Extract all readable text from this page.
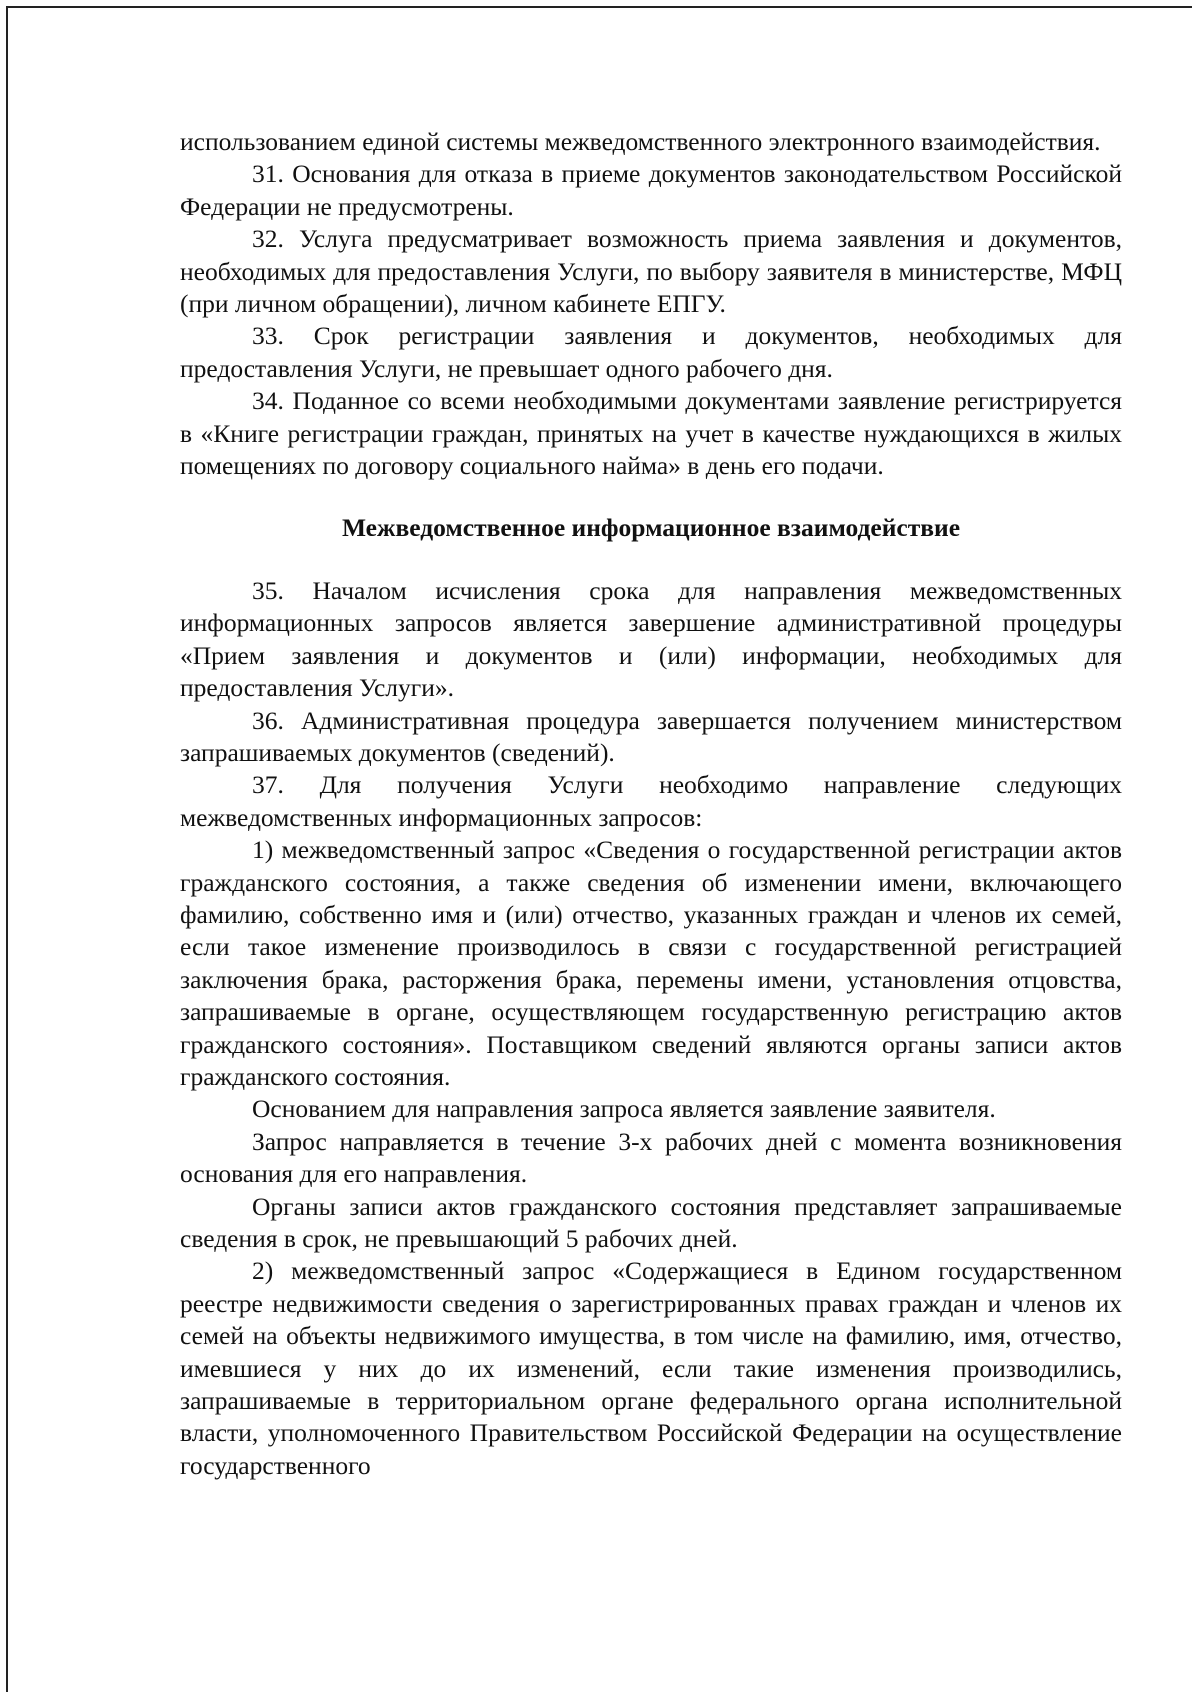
использованием единой системы межведомственного электронного взаимодействия.

31. Основания для отказа в приеме документов законодательством Российской Федерации не предусмотрены.

32. Услуга предусматривает возможность приема заявления и документов, необходимых для предоставления Услуги, по выбору заявителя в министерстве, МФЦ (при личном обращении), личном кабинете ЕПГУ.

33. Срок регистрации заявления и документов, необходимых для предоставления Услуги, не превышает одного рабочего дня.

34. Поданное со всеми необходимыми документами заявление регистрируется в «Книге регистрации граждан, принятых на учет в качестве нуждающихся в жилых помещениях по договору социального найма» в день его подачи.

Межведомственное информационное взаимодействие

35. Началом исчисления срока для направления межведомственных информационных запросов является завершение административной процедуры «Прием заявления и документов и (или) информации, необходимых для предоставления Услуги».

36. Административная процедура завершается получением министерством запрашиваемых документов (сведений).

37. Для получения Услуги необходимо направление следующих межведомственных информационных запросов:

1) межведомственный запрос «Сведения о государственной регистрации актов гражданского состояния, а также сведения об изменении имени, включающего фамилию, собственно имя и (или) отчество, указанных граждан и членов их семей, если такое изменение производилось в связи с государственной регистрацией заключения брака, расторжения брака, перемены имени, установления отцовства, запрашиваемые в органе, осуществляющем государственную регистрацию актов гражданского состояния». Поставщиком сведений являются органы записи актов гражданского состояния.

Основанием для направления запроса является заявление заявителя.

Запрос направляется в течение 3-х рабочих дней с момента возникновения основания для его направления.

Органы записи актов гражданского состояния представляет запрашиваемые сведения в срок, не превышающий 5 рабочих дней.

2) межведомственный запрос «Содержащиеся в Едином государственном реестре недвижимости сведения о зарегистрированных правах граждан и членов их семей на объекты недвижимого имущества, в том числе на фамилию, имя, отчество, имевшиеся у них до их изменений, если такие изменения производились, запрашиваемые в территориальном органе федерального органа исполнительной власти, уполномоченного Правительством Российской Федерации на осуществление государственного
